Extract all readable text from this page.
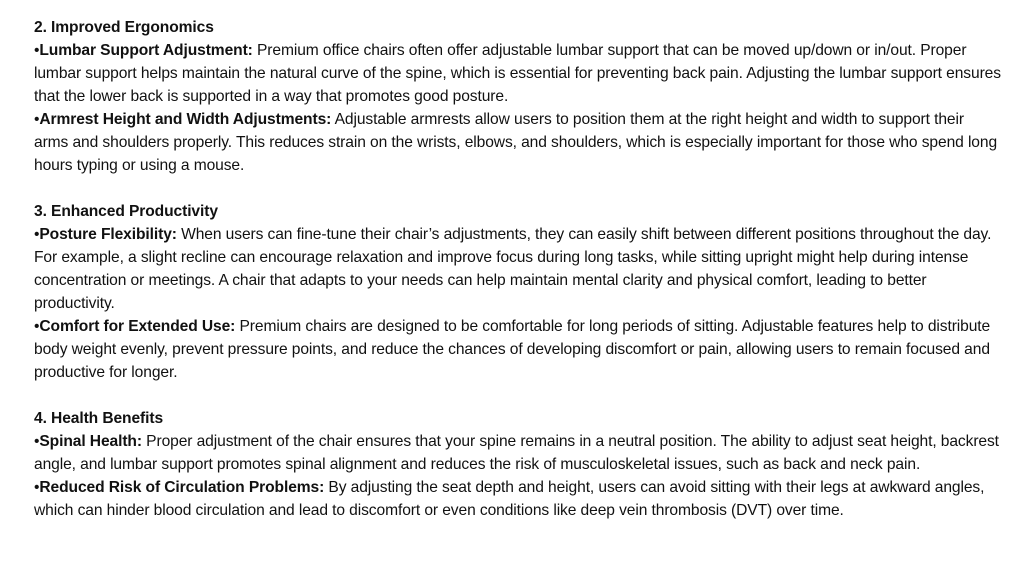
2. Improved Ergonomics

•Lumbar Support Adjustment: Premium office chairs often offer adjustable lumbar support that can be moved up/down or in/out. Proper lumbar support helps maintain the natural curve of the spine, which is essential for preventing back pain. Adjusting the lumbar support ensures that the lower back is supported in a way that promotes good posture.

•Armrest Height and Width Adjustments: Adjustable armrests allow users to position them at the right height and width to support their arms and shoulders properly. This reduces strain on the wrists, elbows, and shoulders, which is especially important for those who spend long hours typing or using a mouse.

3. Enhanced Productivity

•Posture Flexibility: When users can fine-tune their chair’s adjustments, they can easily shift between different positions throughout the day. For example, a slight recline can encourage relaxation and improve focus during long tasks, while sitting upright might help during intense concentration or meetings. A chair that adapts to your needs can help maintain mental clarity and physical comfort, leading to better productivity.

•Comfort for Extended Use: Premium chairs are designed to be comfortable for long periods of sitting. Adjustable features help to distribute body weight evenly, prevent pressure points, and reduce the chances of developing discomfort or pain, allowing users to remain focused and productive for longer.

4. Health Benefits

•Spinal Health: Proper adjustment of the chair ensures that your spine remains in a neutral position. The ability to adjust seat height, backrest angle, and lumbar support promotes spinal alignment and reduces the risk of musculoskeletal issues, such as back and neck pain.

•Reduced Risk of Circulation Problems: By adjusting the seat depth and height, users can avoid sitting with their legs at awkward angles, which can hinder blood circulation and lead to discomfort or even conditions like deep vein thrombosis (DVT) over time.
